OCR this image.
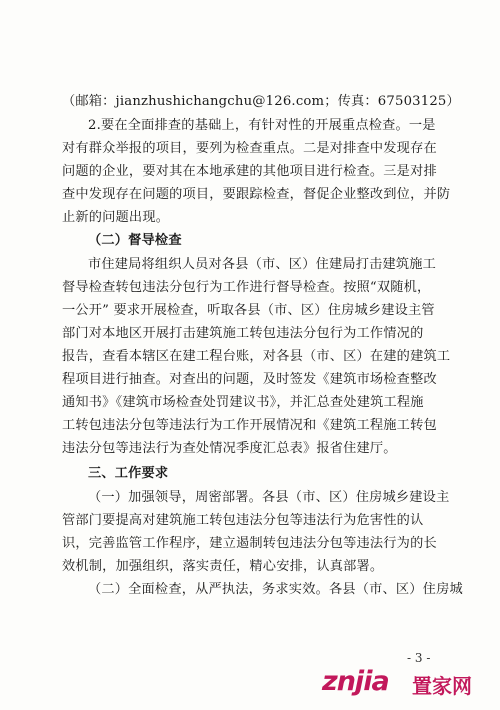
（邮箱：jianzhushichangchu@126.com；传真：67503125）
2.要在全面排查的基础上，有针对性的开展重点检查。一是
对有群众举报的项目，要列为检查重点。二是对排查中发现存在
问题的企业，要对其在本地承建的其他项目进行检查。三是对排
查中发现存在问题的项目，要跟踪检查，督促企业整改到位，并防
止新的问题出现。
（二）督导检查
市住建局将组织人员对各县（市、区）住建局打击建筑施工
督导检查转包违法分包行为工作进行督导检查。按照“双随机，
一公开” 要求开展检查，听取各县（市、区）住房城乡建设主管
部门对本地区开展打击建筑施工转包违法分包行为工作情况的
报告，查看本辖区在建工程台账，对各县（市、区）在建的建筑工
程项目进行抽查。对查出的问题，及时签发《建筑市场检查整改
通知书》《建筑市场检查处罚建议书》，并汇总查处建筑工程施
工转包违法分包等违法行为工作开展情况和《建筑工程施工转包
违法分包等违法行为查处情况季度汇总表》报省住建厅。
三、工作要求
（一）加强领导，周密部署。各县（市、区）住房城乡建设主
管部门要提高对建筑施工转包违法分包等违法行为危害性的认
识，完善监管工作程序，建立遏制转包违法分包等违法行为的长
效机制，加强组织，落实责任，精心安排，认真部署。
（二）全面检查，从严执法，务求实效。各县（市、区）住房城
- 3 -
znjia 置家网
